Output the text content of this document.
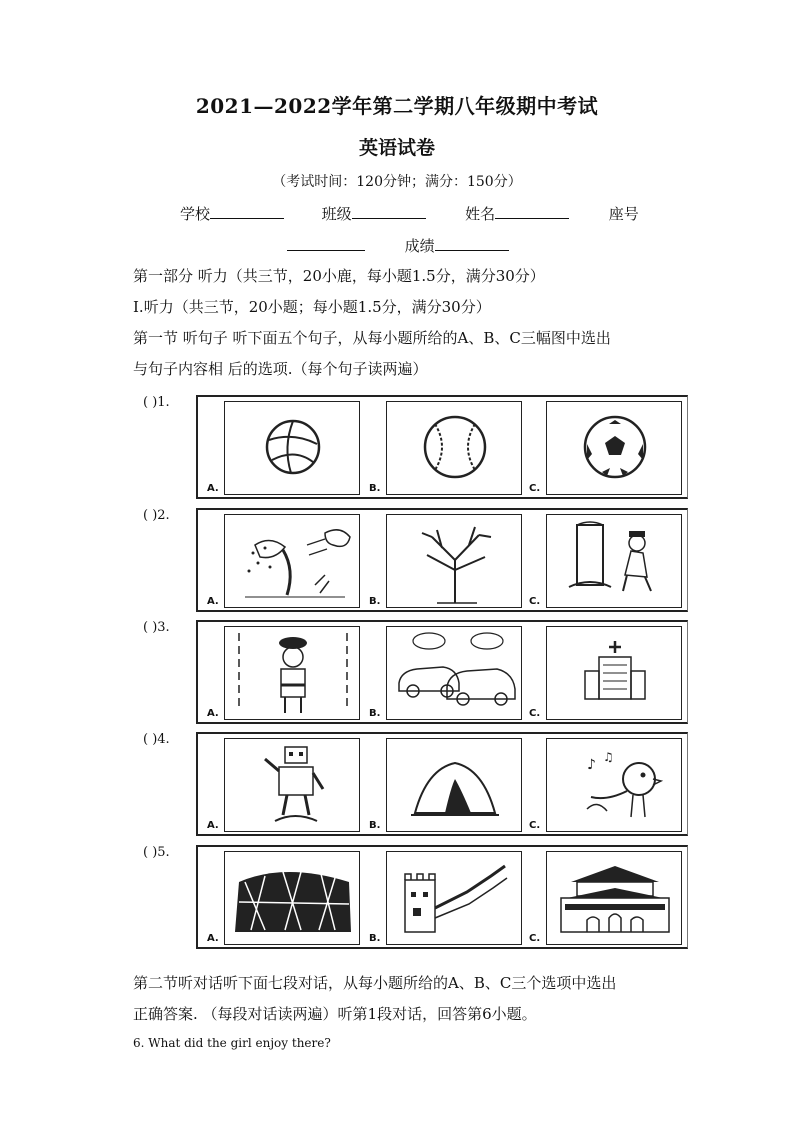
2021—2022学年第二学期八年级期中考试
英语试卷
（考试时间：120分钟；满分：150分）
学校	班级	姓名	座号
成绩
第一部分 听力（共三节，20小鹿，每小题1.5分，满分30分）
I.听力（共三节，20小题；每小题1.5分，满分30分）
第一节 听句子 听下面五个句子，从每小题所给的A、B、C三幅图中选出
与句子内容相 后的选项.（每个句子读两遍）
( )1.
A.	B.	C.
( )2.
A.	B.	C.
( )3.
A.	B.	C.
( )4.
A.	B.	C.
♪ ♫
( )5.
A.	B.	C.
第二节听对话听下面七段对话，从每小题所给的A、B、C三个选项中选出
正确答案. （每段对话读两遍）听第1段对话，回答第6小题。
6. What did the girl enjoy there?
